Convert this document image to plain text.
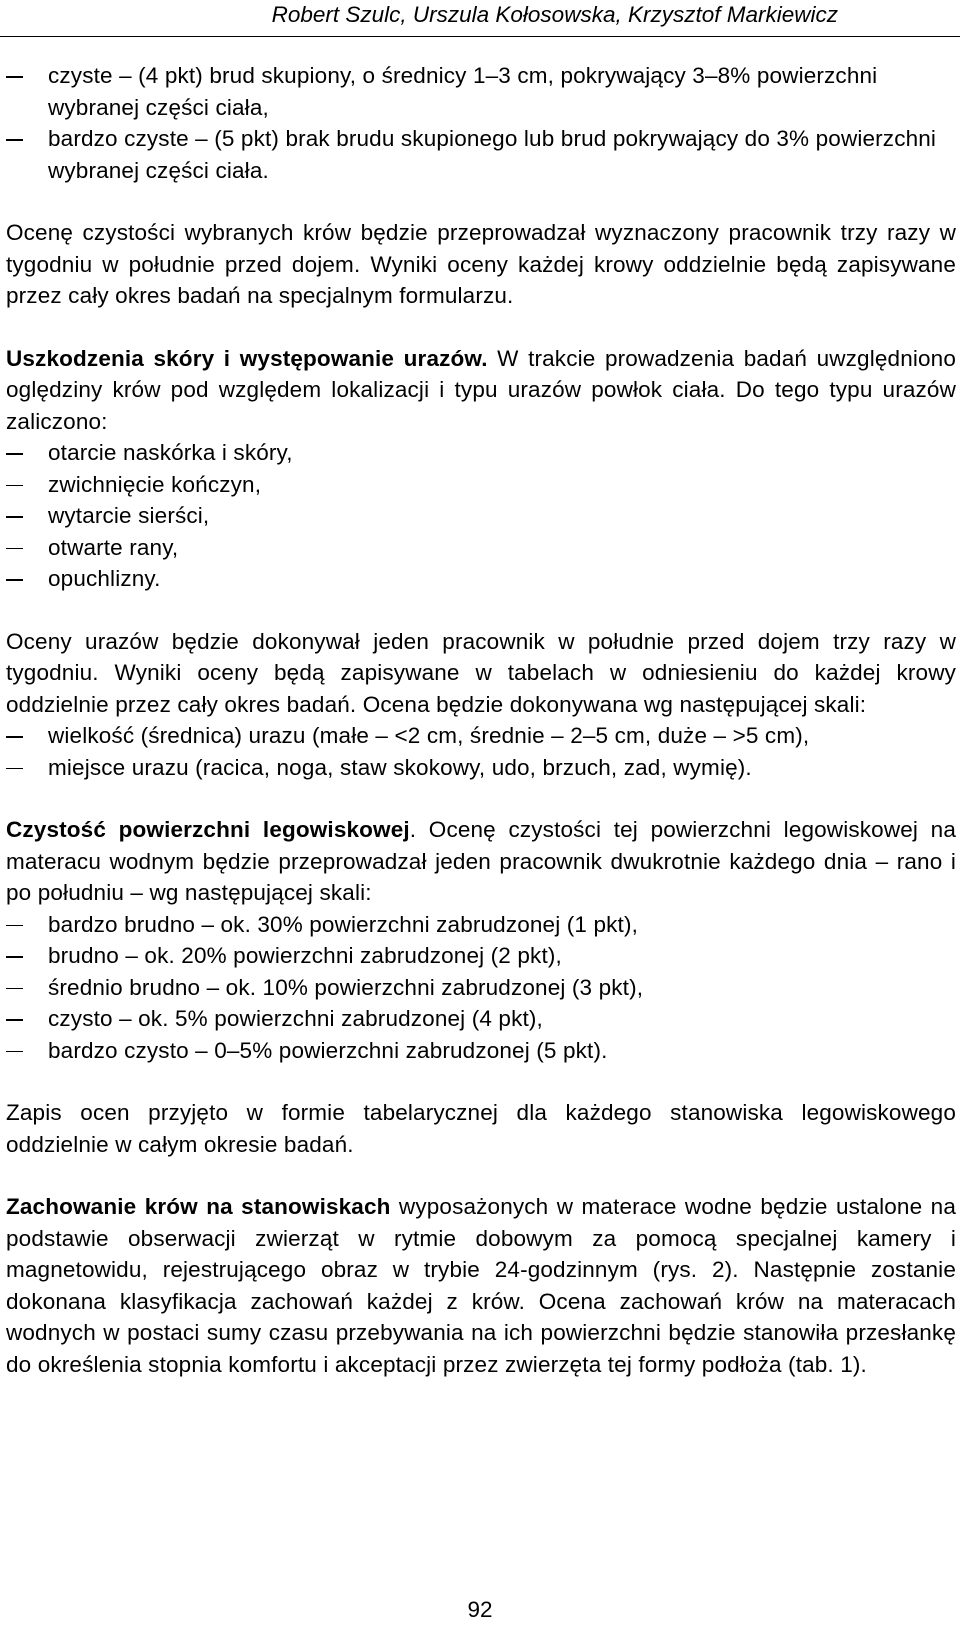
Robert Szulc, Urszula Kołosowska, Krzysztof Markiewicz
czyste – (4 pkt) brud skupiony, o średnicy 1–3 cm, pokrywający 3–8% powierzchni wybranej części ciała,
bardzo czyste – (5 pkt) brak brudu skupionego lub brud pokrywający do 3% powierzchni wybranej części ciała.

Ocenę czystości wybranych krów będzie przeprowadzał wyznaczony pracownik trzy razy w tygodniu w południe przed dojem. Wyniki oceny każdej krowy oddzielnie będą zapisywane przez cały okres badań na specjalnym formularzu.

Uszkodzenia skóry i występowanie urazów. W trakcie prowadzenia badań uwzględniono oględziny krów pod względem lokalizacji i typu urazów powłok ciała. Do tego typu urazów zaliczono:

otarcie naskórka i skóry,
zwichnięcie kończyn,
wytarcie sierści,
otwarte rany,
opuchlizny.

Oceny urazów będzie dokonywał jeden pracownik w południe przed dojem trzy razy w tygodniu. Wyniki oceny będą zapisywane w tabelach w odniesieniu do każdej krowy oddzielnie przez cały okres badań. Ocena będzie dokonywana wg następującej skali:

wielkość (średnica) urazu (małe – <2 cm, średnie – 2–5 cm, duże – >5 cm),
miejsce urazu (racica, noga, staw skokowy, udo, brzuch, zad, wymię).

Czystość powierzchni legowiskowej. Ocenę czystości tej powierzchni legowiskowej na materacu wodnym będzie przeprowadzał jeden pracownik dwukrotnie każdego dnia – rano i po południu – wg następującej skali:

bardzo brudno – ok. 30% powierzchni zabrudzonej (1 pkt),
brudno – ok. 20% powierzchni zabrudzonej (2 pkt),
średnio brudno – ok. 10% powierzchni zabrudzonej (3 pkt),
czysto – ok. 5% powierzchni zabrudzonej (4 pkt),
bardzo czysto – 0–5% powierzchni zabrudzonej (5 pkt).

Zapis ocen przyjęto w formie tabelarycznej dla każdego stanowiska legowiskowego oddzielnie w całym okresie badań.

Zachowanie krów na stanowiskach wyposażonych w materace wodne będzie ustalone na podstawie obserwacji zwierząt w rytmie dobowym za pomocą specjalnej kamery i magnetowidu, rejestrującego obraz w trybie 24-godzinnym (rys. 2). Następnie zostanie dokonana klasyfikacja zachowań każdej z krów. Ocena zachowań krów na materacach wodnych w postaci sumy czasu przebywania na ich powierzchni będzie stanowiła przesłankę do określenia stopnia komfortu i akceptacji przez zwierzęta tej formy podłoża (tab. 1).

92
